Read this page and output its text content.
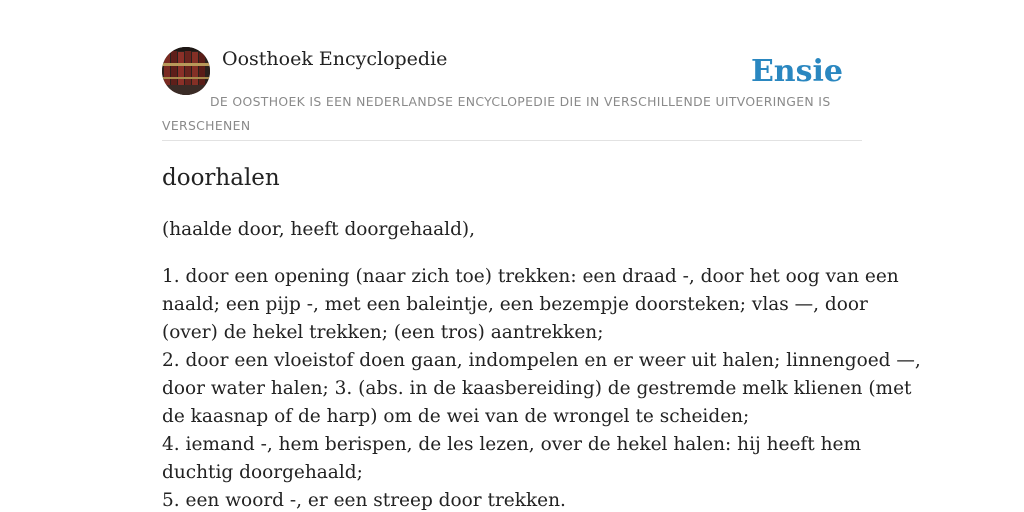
Oosthoek Encyclopedie	Ensie
DE OOSTHOEK IS EEN NEDERLANDSE ENCYCLOPEDIE DIE IN VERSCHILLENDE UITVOERINGEN IS VERSCHENEN
doorhalen
(haalde door, heeft doorgehaald),
1. door een opening (naar zich toe) trekken: een draad -, door het oog van een
naald; een pijp -, met een baleintje, een bezempje doorsteken; vlas —, door
(over) de hekel trekken; (een tros) aantrekken;
2. door een vloeistof doen gaan, indompelen en er weer uit halen; linnengoed —,
door water halen; 3. (abs. in de kaasbereiding) de gestremde melk klienen (met
de kaasnap of de harp) om de wei van de wrongel te scheiden;
4. iemand -, hem berispen, de les lezen, over de hekel halen: hij heeft hem
duchtig doorgehaald;
5. een woord -, er een streep door trekken.
